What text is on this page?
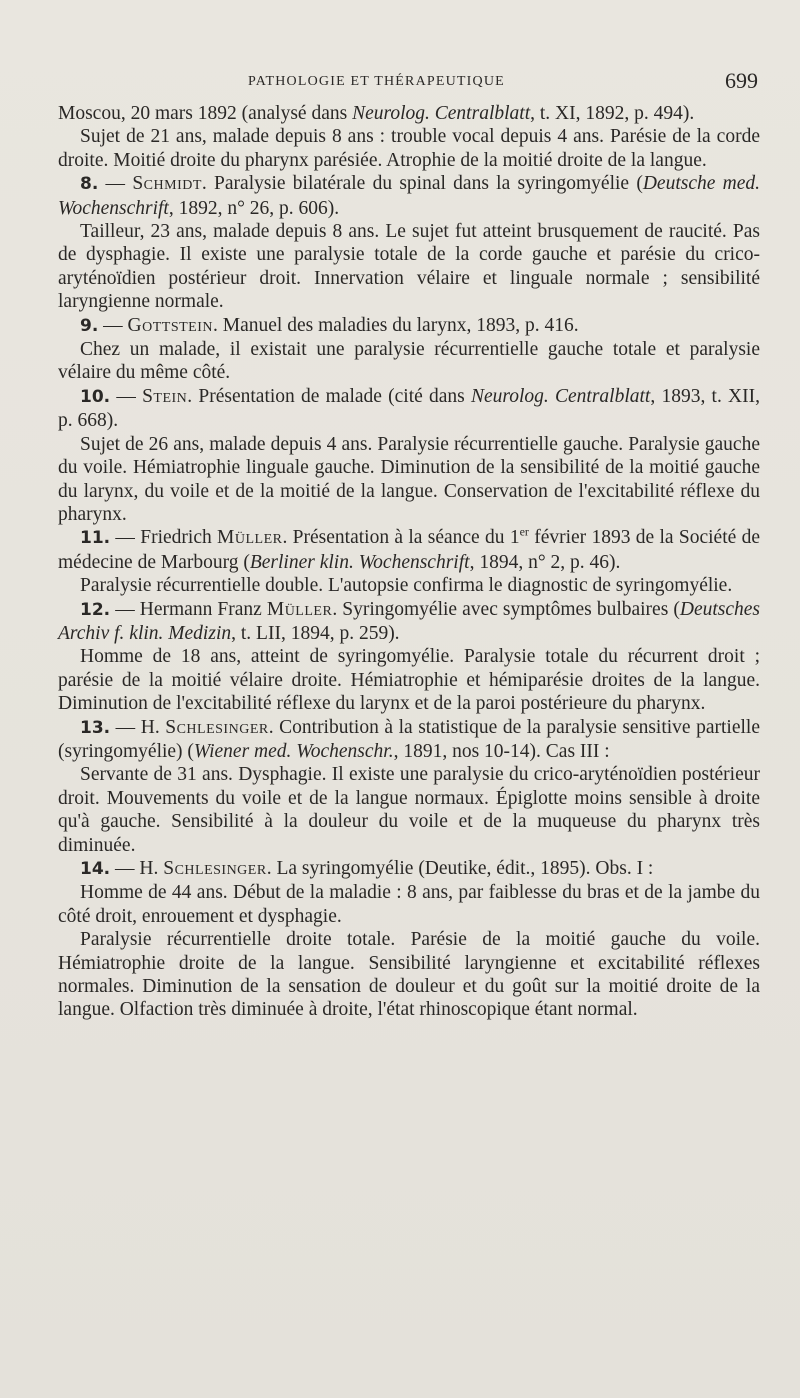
PATHOLOGIE ET THÉRAPEUTIQUE	699

Moscou, 20 mars 1892 (analysé dans Neurolog. Centralblatt, t. XI, 1892, p. 494).

Sujet de 21 ans, malade depuis 8 ans : trouble vocal depuis 4 ans. Parésie de la corde droite. Moitié droite du pharynx parésiée. Atrophie de la moitié droite de la langue.

8. — Schmidt. Paralysie bilatérale du spinal dans la syringomyélie (Deutsche med. Wochenschrift, 1892, n° 26, p. 606).

Tailleur, 23 ans, malade depuis 8 ans. Le sujet fut atteint brusquement de raucité. Pas de dysphagie. Il existe une paralysie totale de la corde gauche et parésie du crico-aryténoïdien postérieur droit. Innervation vélaire et linguale normale ; sensibilité laryngienne normale.

9. — Gottstein. Manuel des maladies du larynx, 1893, p. 416.

Chez un malade, il existait une paralysie récurrentielle gauche totale et paralysie vélaire du même côté.

10. — Stein. Présentation de malade (cité dans Neurolog. Centralblatt, 1893, t. XII, p. 668).

Sujet de 26 ans, malade depuis 4 ans. Paralysie récurrentielle gauche. Paralysie gauche du voile. Hémiatrophie linguale gauche. Diminution de la sensibilité de la moitié gauche du larynx, du voile et de la moitié de la langue. Conservation de l'excitabilité réflexe du pharynx.

11. — Friedrich Müller. Présentation à la séance du 1er février 1893 de la Société de médecine de Marbourg (Berliner klin. Wochenschrift, 1894, n° 2, p. 46).

Paralysie récurrentielle double. L'autopsie confirma le diagnostic de syringomyélie.

12. — Hermann Franz Müller. Syringomyélie avec symptômes bulbaires (Deutsches Archiv f. klin. Medizin, t. LII, 1894, p. 259).

Homme de 18 ans, atteint de syringomyélie. Paralysie totale du récurrent droit ; parésie de la moitié vélaire droite. Hémiatrophie et hémiparésie droites de la langue. Diminution de l'excitabilité réflexe du larynx et de la paroi postérieure du pharynx.

13. — H. Schlesinger. Contribution à la statistique de la paralysie sensitive partielle (syringomyélie) (Wiener med. Wochenschr., 1891, nos 10-14). Cas III :

Servante de 31 ans. Dysphagie. Il existe une paralysie du crico-aryténoïdien postérieur droit. Mouvements du voile et de la langue normaux. Épiglotte moins sensible à droite qu'à gauche. Sensibilité à la douleur du voile et de la muqueuse du pharynx très diminuée.

14. — H. Schlesinger. La syringomyélie (Deutike, édit., 1895). Obs. I :

Homme de 44 ans. Début de la maladie : 8 ans, par faiblesse du bras et de la jambe du côté droit, enrouement et dysphagie.

Paralysie récurrentielle droite totale. Parésie de la moitié gauche du voile. Hémiatrophie droite de la langue. Sensibilité laryngienne et excitabilité réflexes normales. Diminution de la sensation de douleur et du goût sur la moitié droite de la langue. Olfaction très diminuée à droite, l'état rhinoscopique étant normal.
